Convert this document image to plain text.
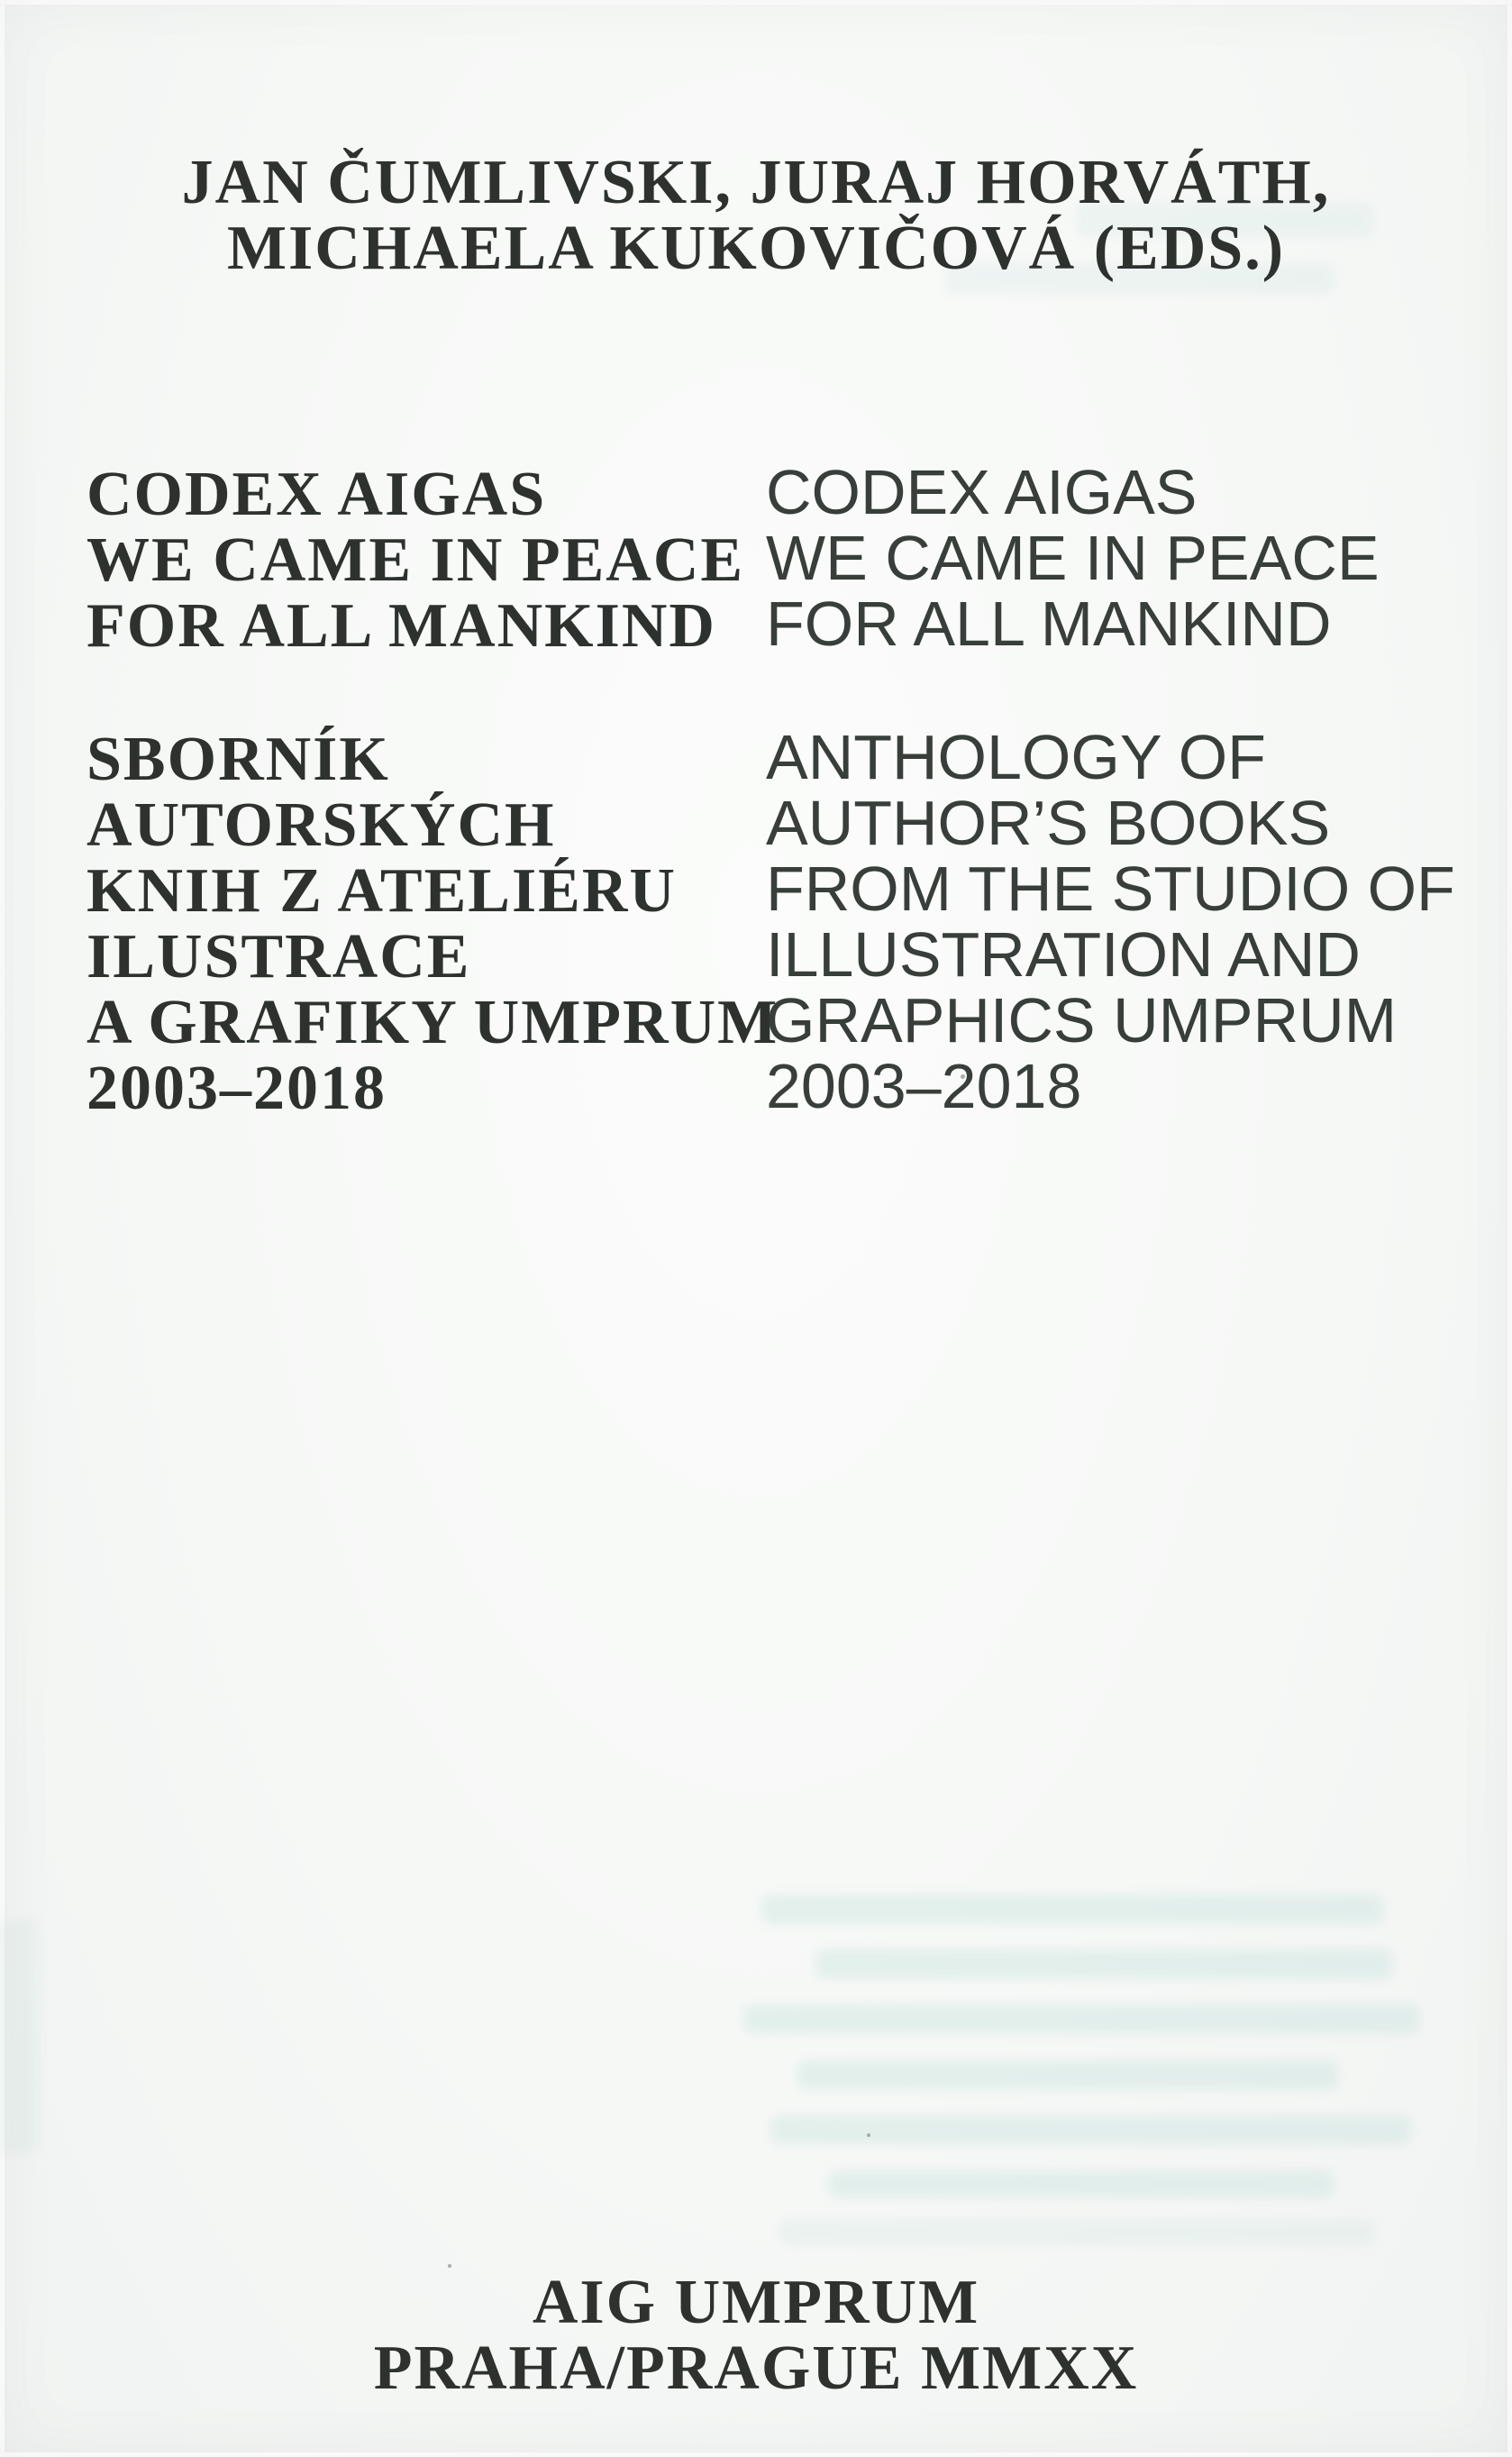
JAN ČUMLIVSKI, JURAJ HORVÁTH,
MICHAELA KUKOVIČOVÁ (EDS.)
CODEX AIGAS
WE CAME IN PEACE
FOR ALL MANKIND
SBORNÍK
AUTORSKÝCH
KNIH Z ATELIÉRU
ILUSTRACE
A GRAFIKY UMPRUM
2003–2018
CODEX AIGAS
WE CAME IN PEACE
FOR ALL MANKIND
ANTHOLOGY OF
AUTHOR’S BOOKS
FROM THE STUDIO OF
ILLUSTRATION AND
GRAPHICS UMPRUM
2003–2018
AIG UMPRUM
PRAHA/PRAGUE MMXX
